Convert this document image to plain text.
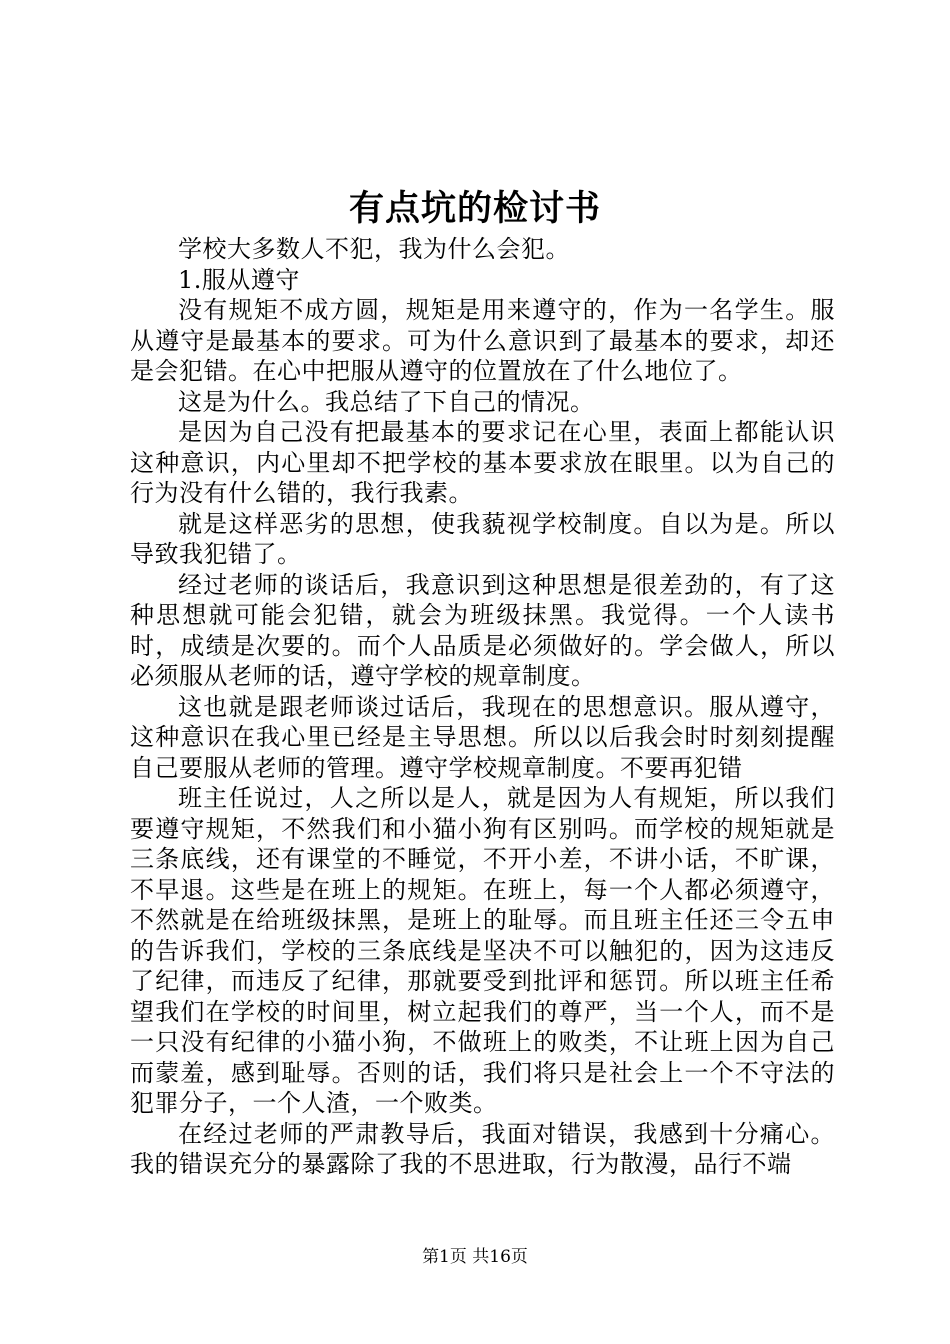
有点坑的检讨书

学校大多数人不犯，我为什么会犯。

1.服从遵守

没有规矩不成方圆，规矩是用来遵守的，作为一名学生。服从遵守是最基本的要求。可为什么意识到了最基本的要求，却还是会犯错。在心中把服从遵守的位置放在了什么地位了。

这是为什么。我总结了下自己的情况。

是因为自己没有把最基本的要求记在心里，表面上都能认识这种意识，内心里却不把学校的基本要求放在眼里。以为自己的行为没有什么错的，我行我素。

就是这样恶劣的思想，使我藐视学校制度。自以为是。所以导致我犯错了。

经过老师的谈话后，我意识到这种思想是很差劲的，有了这种思想就可能会犯错，就会为班级抹黑。我觉得。一个人读书时，成绩是次要的。而个人品质是必须做好的。学会做人，所以必须服从老师的话，遵守学校的规章制度。

这也就是跟老师谈过话后，我现在的思想意识。服从遵守，这种意识在我心里已经是主导思想。所以以后我会时时刻刻提醒自己要服从老师的管理。遵守学校规章制度。不要再犯错

班主任说过，人之所以是人，就是因为人有规矩，所以我们要遵守规矩，不然我们和小猫小狗有区别吗。而学校的规矩就是三条底线，还有课堂的不睡觉，不开小差，不讲小话，不旷课，不早退。这些是在班上的规矩。在班上，每一个人都必须遵守，不然就是在给班级抹黑，是班上的耻辱。而且班主任还三令五申的告诉我们，学校的三条底线是坚决不可以触犯的，因为这违反了纪律，而违反了纪律，那就要受到批评和惩罚。所以班主任希望我们在学校的时间里，树立起我们的尊严，当一个人，而不是一只没有纪律的小猫小狗，不做班上的败类，不让班上因为自己而蒙羞，感到耻辱。否则的话，我们将只是社会上一个不守法的犯罪分子，一个人渣，一个败类。

在经过老师的严肃教导后，我面对错误，我感到十分痛心。我的错误充分的暴露除了我的不思进取，行为散漫，品行不端

第1页 共16页
